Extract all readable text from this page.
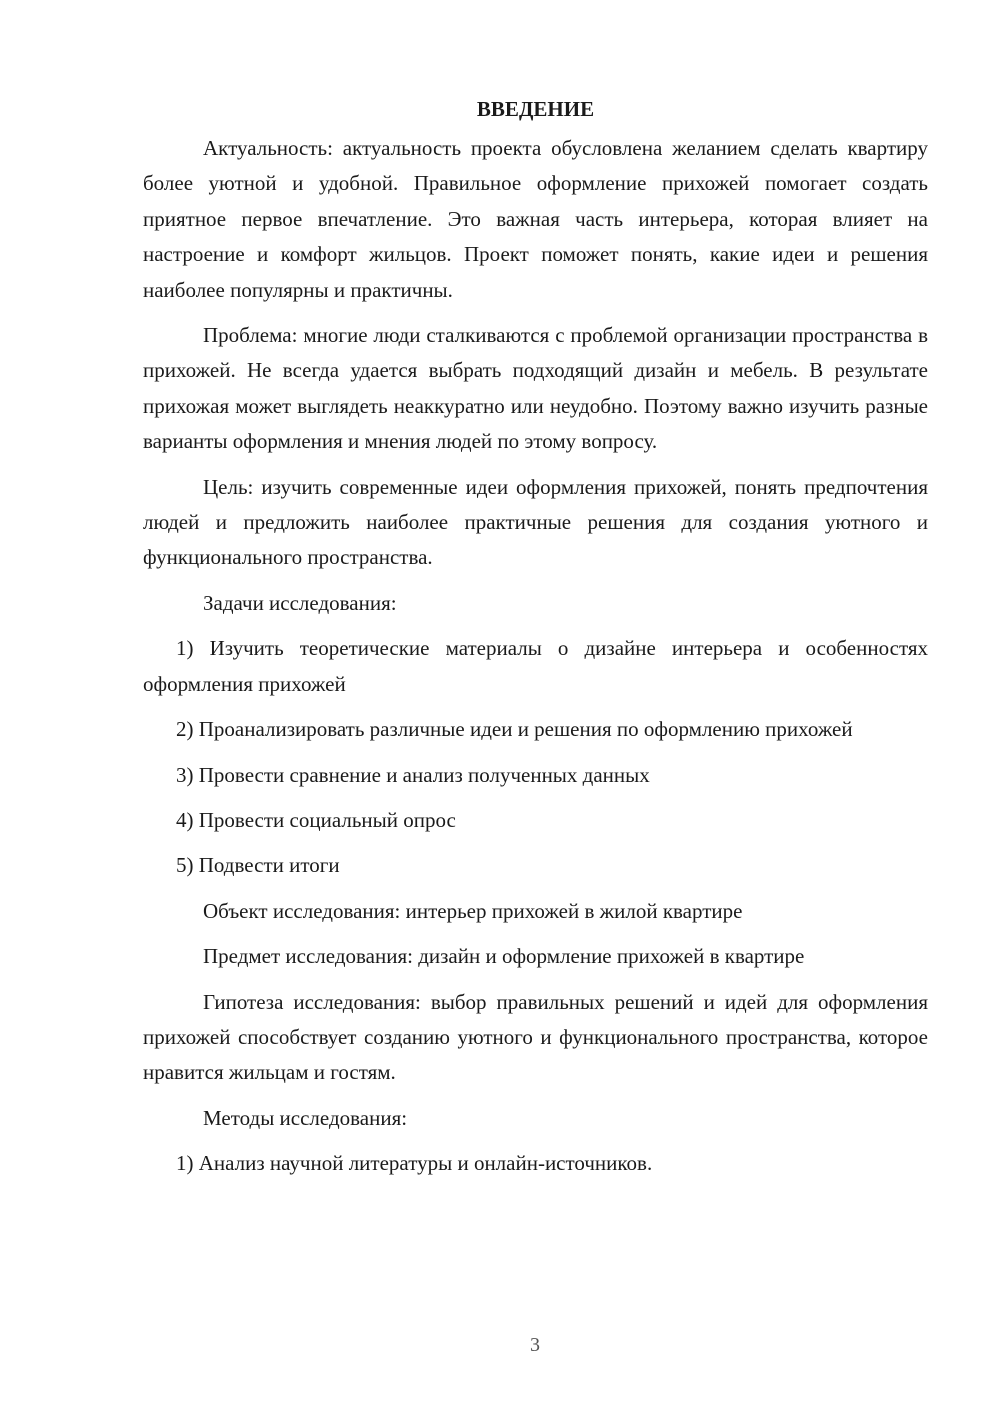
ВВЕДЕНИЕ
Актуальность: актуальность проекта обусловлена желанием сделать квартиру более уютной и удобной. Правильное оформление прихожей помогает создать приятное первое впечатление. Это важная часть интерьера, которая влияет на настроение и комфорт жильцов. Проект поможет понять, какие идеи и решения наиболее популярны и практичны.
Проблема: многие люди сталкиваются с проблемой организации пространства в прихожей. Не всегда удается выбрать подходящий дизайн и мебель. В результате прихожая может выглядеть неаккуратно или неудобно. Поэтому важно изучить разные варианты оформления и мнения людей по этому вопросу.
Цель: изучить современные идеи оформления прихожей, понять предпочтения людей и предложить наиболее практичные решения для создания уютного и функционального пространства.
Задачи исследования:
1) Изучить теоретические материалы о дизайне интерьера и особенностях оформления прихожей
2) Проанализировать различные идеи и решения по оформлению прихожей
3) Провести сравнение и анализ полученных данных
4) Провести социальный опрос
5) Подвести итоги
Объект исследования: интерьер прихожей в жилой квартире
Предмет исследования: дизайн и оформление прихожей в квартире
Гипотеза исследования: выбор правильных решений и идей для оформления прихожей способствует созданию уютного и функционального пространства, которое нравится жильцам и гостям.
Методы исследования:
1) Анализ научной литературы и онлайн-источников.
3
